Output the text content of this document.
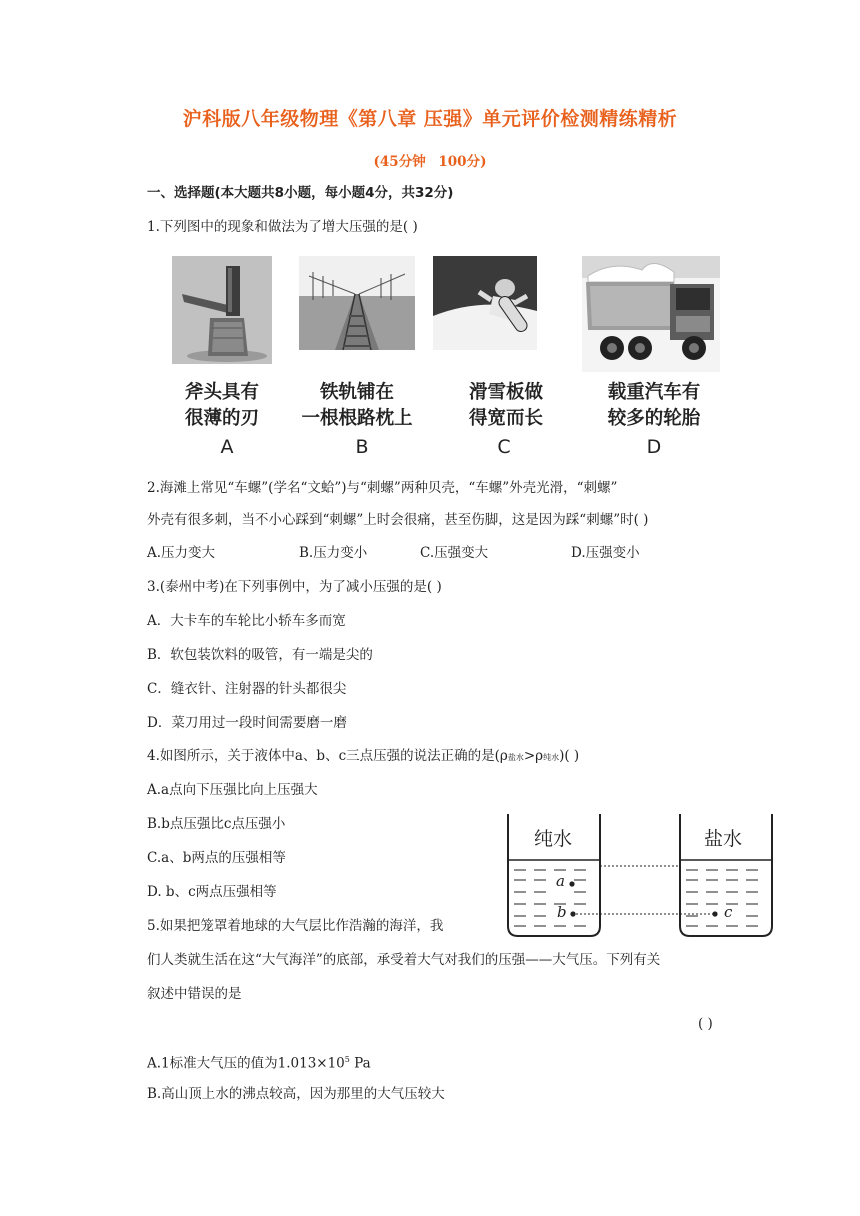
沪科版八年级物理《第八章 压强》单元评价检测精练精析
(45分钟 100分)
一、选择题(本大题共8小题，每小题4分，共32分)
1.下列图中的现象和做法为了增大压强的是( )
斧头具有
很薄的刃
铁轨铺在
一根根路枕上
滑雪板做
得宽而长
载重汽车有
较多的轮胎
A	B	C	D
2.海滩上常见“车螺”(学名“文蛤”)与“刺螺”两种贝壳，“车螺”外壳光滑，“刺螺”
外壳有很多刺，当不小心踩到“刺螺”上时会很痛，甚至伤脚，这是因为踩“刺螺”时( )
A.压力变大	B.压力变小	C.压强变大	D.压强变小
3.(泰州中考)在下列事例中，为了减小压强的是( )
A．大卡车的车轮比小轿车多而宽
B．软包装饮料的吸管，有一端是尖的
C．缝衣针、注射器的针头都很尖
D．菜刀用过一段时间需要磨一磨
4.如图所示，关于液体中a、b、c三点压强的说法正确的是(ρ盐水>ρ纯水)( )
A.a点向下压强比向上压强大
B.b点压强比c点压强小
C.a、b两点的压强相等
D. b、c两点压强相等
纯水	盐水
a
b	c
5.如果把笼罩着地球的大气层比作浩瀚的海洋，我
们人类就生活在这“大气海洋”的底部，承受着大气对我们的压强——大气压。下列有关
叙述中错误的是
( )
A.1标准大气压的值为$1.013\times 10^5$ Pa
B.高山顶上水的沸点较高，因为那里的大气压较大
